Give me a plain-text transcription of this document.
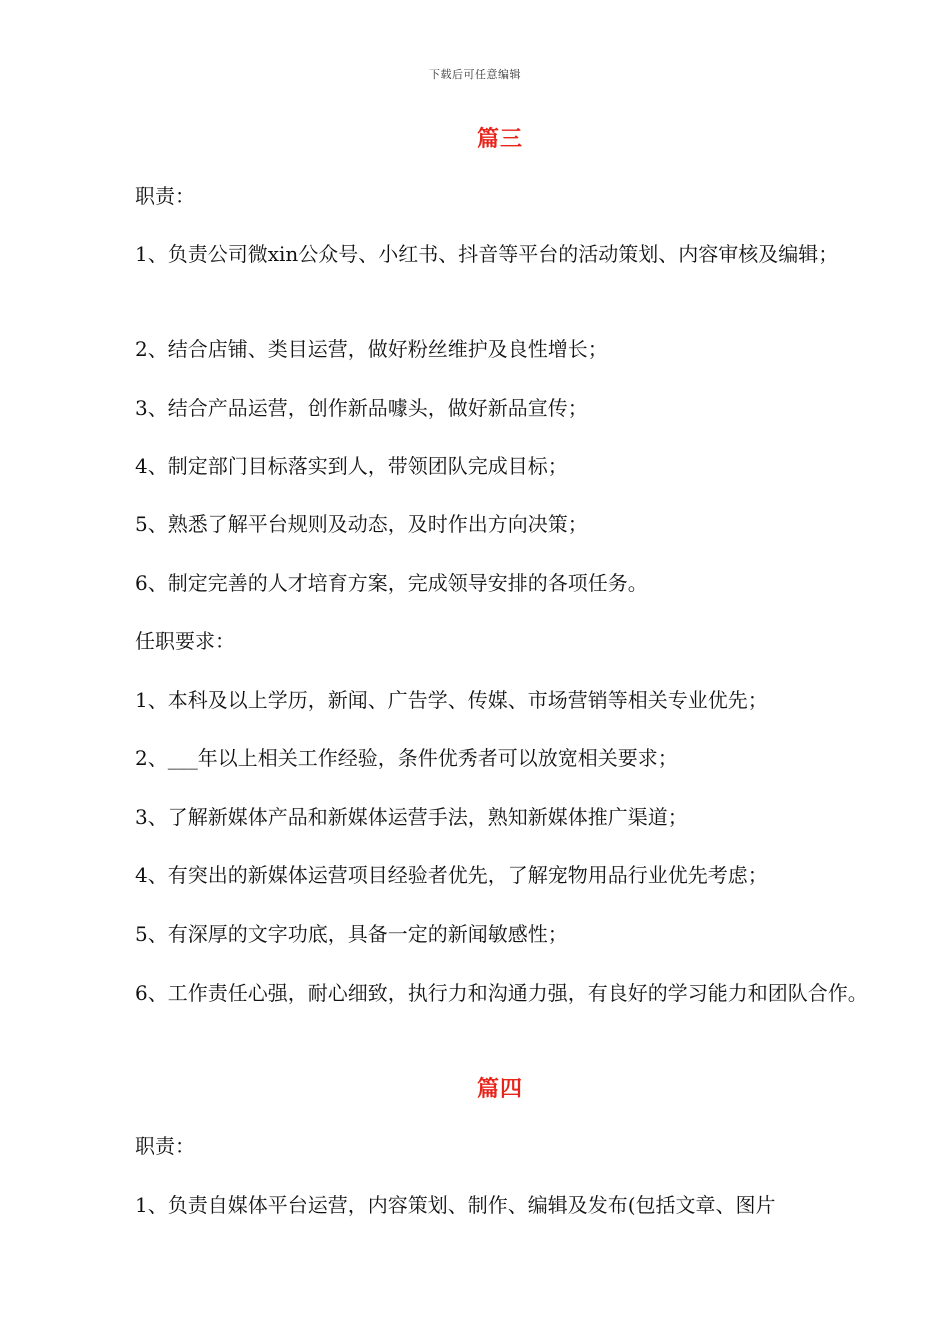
下载后可任意编辑
篇三
职责：
1、负责公司微xin公众号、小红书、抖音等平台的活动策划、内容审核及编辑；
2、结合店铺、类目运营，做好粉丝维护及良性增长；
3、结合产品运营，创作新品噱头，做好新品宣传；
4、制定部门目标落实到人，带领团队完成目标；
5、熟悉了解平台规则及动态，及时作出方向决策；
6、制定完善的人才培育方案，完成领导安排的各项任务。
任职要求：
1、本科及以上学历，新闻、广告学、传媒、市场营销等相关专业优先；
2、___年以上相关工作经验，条件优秀者可以放宽相关要求；
3、了解新媒体产品和新媒体运营手法，熟知新媒体推广渠道；
4、有突出的新媒体运营项目经验者优先，了解宠物用品行业优先考虑；
5、有深厚的文字功底，具备一定的新闻敏感性；
6、工作责任心强，耐心细致，执行力和沟通力强，有良好的学习能力和团队合作。
篇四
职责：
1、负责自媒体平台运营，内容策划、制作、编辑及发布(包括文章、图片
